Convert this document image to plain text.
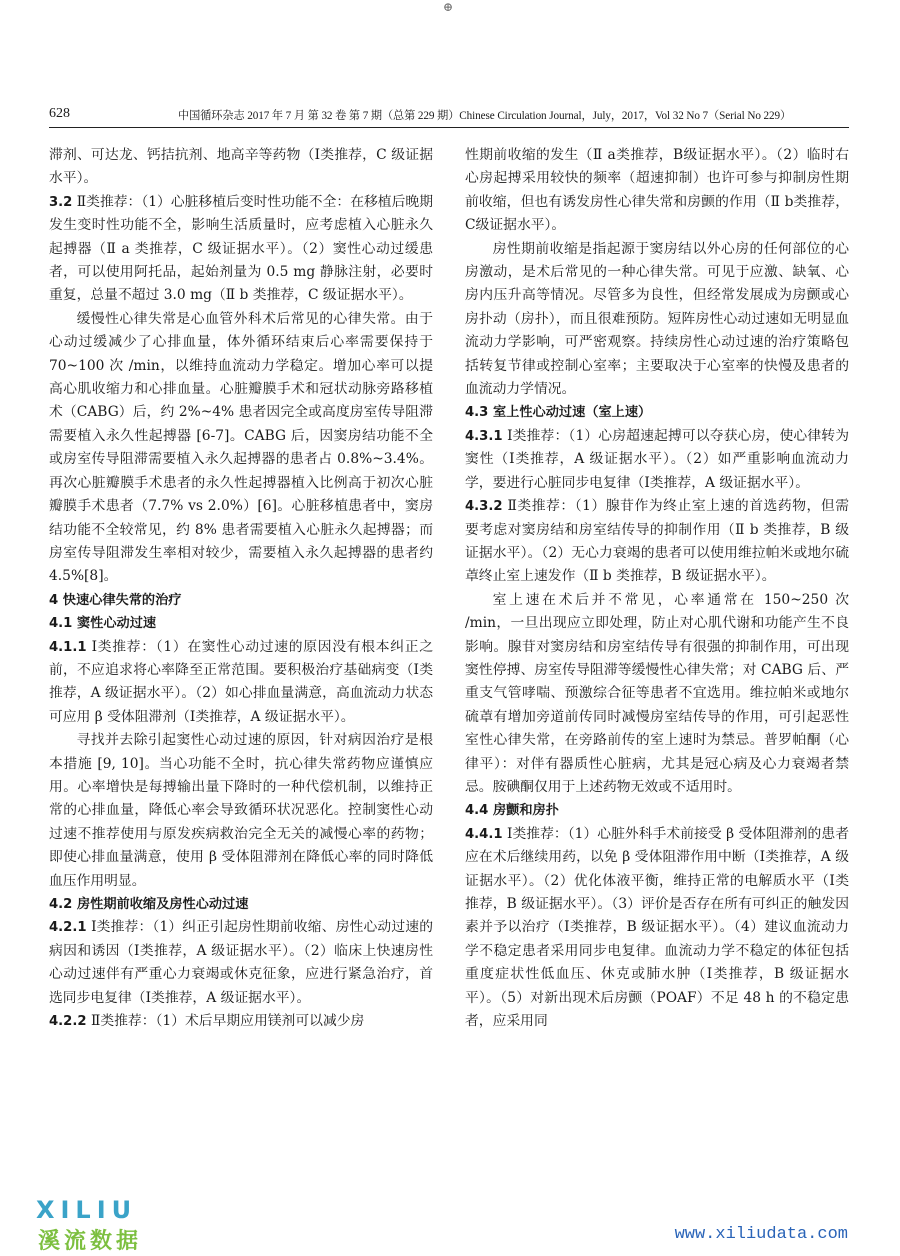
⊕
628	中国循环杂志 2017 年 7 月 第 32 卷 第 7 期（总第 229 期）Chinese Circulation Journal，July，2017，Vol 32 No 7（Serial No 229）

滞剂、可达龙、钙拮抗剂、地高辛等药物（Ⅰ类推荐，C 级证据水平）。

3.2 Ⅱ类推荐：（1）心脏移植后变时性功能不全：在移植后晚期发生变时性功能不全，影响生活质量时，应考虑植入心脏永久起搏器（Ⅱ a 类推荐，C 级证据水平）。（2）窦性心动过缓患者，可以使用阿托品，起始剂量为 0.5 mg 静脉注射，必要时重复，总量不超过 3.0 mg（Ⅱ b 类推荐，C 级证据水平）。

缓慢性心律失常是心血管外科术后常见的心律失常。由于心动过缓减少了心排血量，体外循环结束后心率需要保持于 70~100 次 /min，以维持血流动力学稳定。增加心率可以提高心肌收缩力和心排血量。心脏瓣膜手术和冠状动脉旁路移植术（CABG）后，约 2%~4% 患者因完全或高度房室传导阻滞需要植入永久性起搏器 [6-7]。CABG 后，因窦房结功能不全或房室传导阻滞需要植入永久起搏器的患者占 0.8%~3.4%。再次心脏瓣膜手术患者的永久性起搏器植入比例高于初次心脏瓣膜手术患者（7.7% vs 2.0%）[6]。心脏移植患者中，窦房结功能不全较常见，约 8% 患者需要植入心脏永久起搏器；而房室传导阻滞发生率相对较少，需要植入永久起搏器的患者约 4.5%[8]。

4 快速心律失常的治疗

4.1 窦性心动过速

4.1.1 Ⅰ类推荐：（1）在窦性心动过速的原因没有根本纠正之前，不应追求将心率降至正常范围。要积极治疗基础病变（Ⅰ类推荐，A 级证据水平）。（2）如心排血量满意，高血流动力状态可应用 β 受体阻滞剂（Ⅰ类推荐，A 级证据水平）。

寻找并去除引起窦性心动过速的原因，针对病因治疗是根本措施 [9, 10]。当心功能不全时，抗心律失常药物应谨慎应用。心率增快是每搏输出量下降时的一种代偿机制，以维持正常的心排血量，降低心率会导致循环状况恶化。控制窦性心动过速不推荐使用与原发疾病救治完全无关的减慢心率的药物；即使心排血量满意，使用 β 受体阻滞剂在降低心率的同时降低血压作用明显。

4.2 房性期前收缩及房性心动过速

4.2.1 Ⅰ类推荐：（1）纠正引起房性期前收缩、房性心动过速的病因和诱因（Ⅰ类推荐，A 级证据水平）。（2）临床上快速房性心动过速伴有严重心力衰竭或休克征象，应进行紧急治疗，首选同步电复律（Ⅰ类推荐，A 级证据水平）。

4.2.2 Ⅱ类推荐：（1）术后早期应用镁剂可以减少房

性期前收缩的发生（Ⅱ a类推荐，B级证据水平）。（2）临时右心房起搏采用较快的频率（超速抑制）也许可参与抑制房性期前收缩，但也有诱发房性心律失常和房颤的作用（Ⅱ b类推荐，C级证据水平）。

房性期前收缩是指起源于窦房结以外心房的任何部位的心房激动，是术后常见的一种心律失常。可见于应激、缺氧、心房内压升高等情况。尽管多为良性，但经常发展成为房颤或心房扑动（房扑），而且很难预防。短阵房性心动过速如无明显血流动力学影响，可严密观察。持续房性心动过速的治疗策略包括转复节律或控制心室率；主要取决于心室率的快慢及患者的血流动力学情况。

4.3 室上性心动过速（室上速）

4.3.1 Ⅰ类推荐：（1）心房超速起搏可以夺获心房，使心律转为窦性（Ⅰ类推荐，A 级证据水平）。（2）如严重影响血流动力学，要进行心脏同步电复律（Ⅰ类推荐，A 级证据水平）。

4.3.2 Ⅱ类推荐：（1）腺苷作为终止室上速的首选药物，但需要考虑对窦房结和房室结传导的抑制作用（Ⅱ b 类推荐，B 级证据水平）。（2）无心力衰竭的患者可以使用维拉帕米或地尔硫䓬终止室上速发作（Ⅱ b 类推荐，B 级证据水平）。

室上速在术后并不常见，心率通常在 150~250 次 /min，一旦出现应立即处理，防止对心肌代谢和功能产生不良影响。腺苷对窦房结和房室结传导有很强的抑制作用，可出现窦性停搏、房室传导阻滞等缓慢性心律失常；对 CABG 后、严重支气管哮喘、预激综合征等患者不宜选用。维拉帕米或地尔硫䓬有增加旁道前传同时减慢房室结传导的作用，可引起恶性室性心律失常，在旁路前传的室上速时为禁忌。普罗帕酮（心律平）：对伴有器质性心脏病，尤其是冠心病及心力衰竭者禁忌。胺碘酮仅用于上述药物无效或不适用时。

4.4 房颤和房扑

4.4.1 Ⅰ类推荐：（1）心脏外科手术前接受 β 受体阻滞剂的患者应在术后继续用药，以免 β 受体阻滞作用中断（Ⅰ类推荐，A 级证据水平）。（2）优化体液平衡，维持正常的电解质水平（Ⅰ类推荐，B 级证据水平）。（3）评价是否存在所有可纠正的触发因素并予以治疗（Ⅰ类推荐，B 级证据水平）。（4）建议血流动力学不稳定患者采用同步电复律。血流动力学不稳定的体征包括重度症状性低血压、休克或肺水肿（Ⅰ类推荐，B 级证据水平）。（5）对新出现术后房颤（POAF）不足 48 h 的不稳定患者，应采用同

XILIU
溪流数据	www.xiliudata.com
